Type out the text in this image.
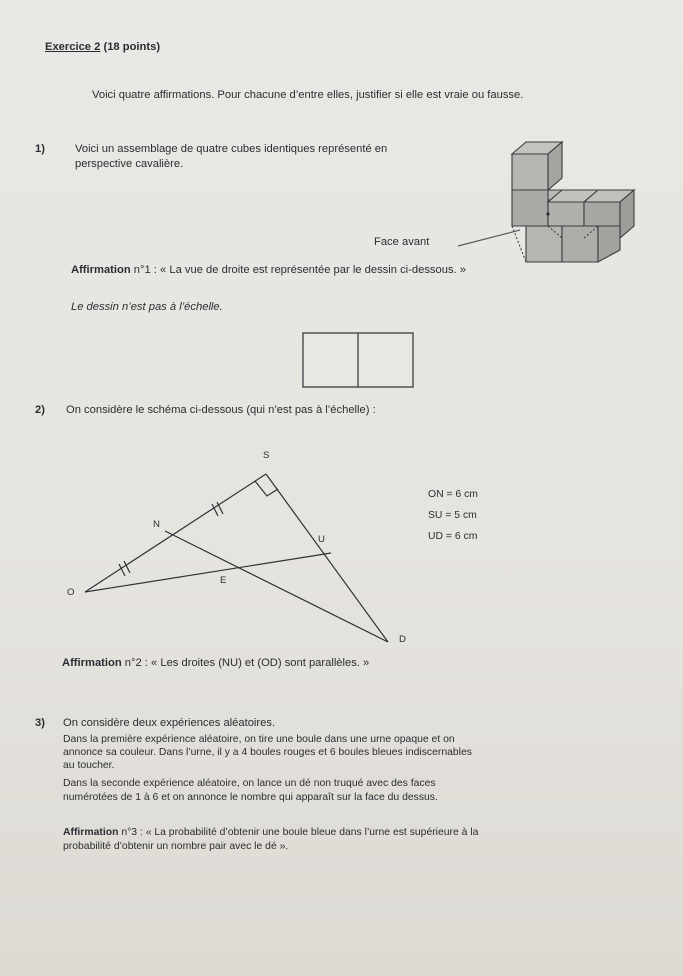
Exercice 2 (18 points)
Voici quatre affirmations. Pour chacune d’entre elles, justifier si elle est vraie ou fausse.
1)	Voici un assemblage de quatre cubes identiques représenté en
perspective cavalière.
Face avant
Affirmation n°1 : « La vue de droite est représentée par le dessin ci-dessous. »
Le dessin n’est pas à l’échelle.
2) On considère le schéma ci-dessous (qui n’est pas à l’échelle) :
S
N
U
O
E
D
ON = 6 cm
SU = 5 cm
UD = 6 cm
Affirmation n°2 : « Les droites (NU) et (OD) sont parallèles. »
3) On considère deux expériences aléatoires.
Dans la première expérience aléatoire, on tire une boule dans une urne opaque et on
annonce sa couleur. Dans l’urne, il y a 4 boules rouges et 6 boules bleues indiscernables
au toucher.
Dans la seconde expérience aléatoire, on lance un dé non truqué avec des faces
numérotées de 1 à 6 et on annonce le nombre qui apparaît sur la face du dessus.
Affirmation n°3 : « La probabilité d’obtenir une boule bleue dans l’urne est supérieure à la
probabilité d’obtenir un nombre pair avec le dé ».
